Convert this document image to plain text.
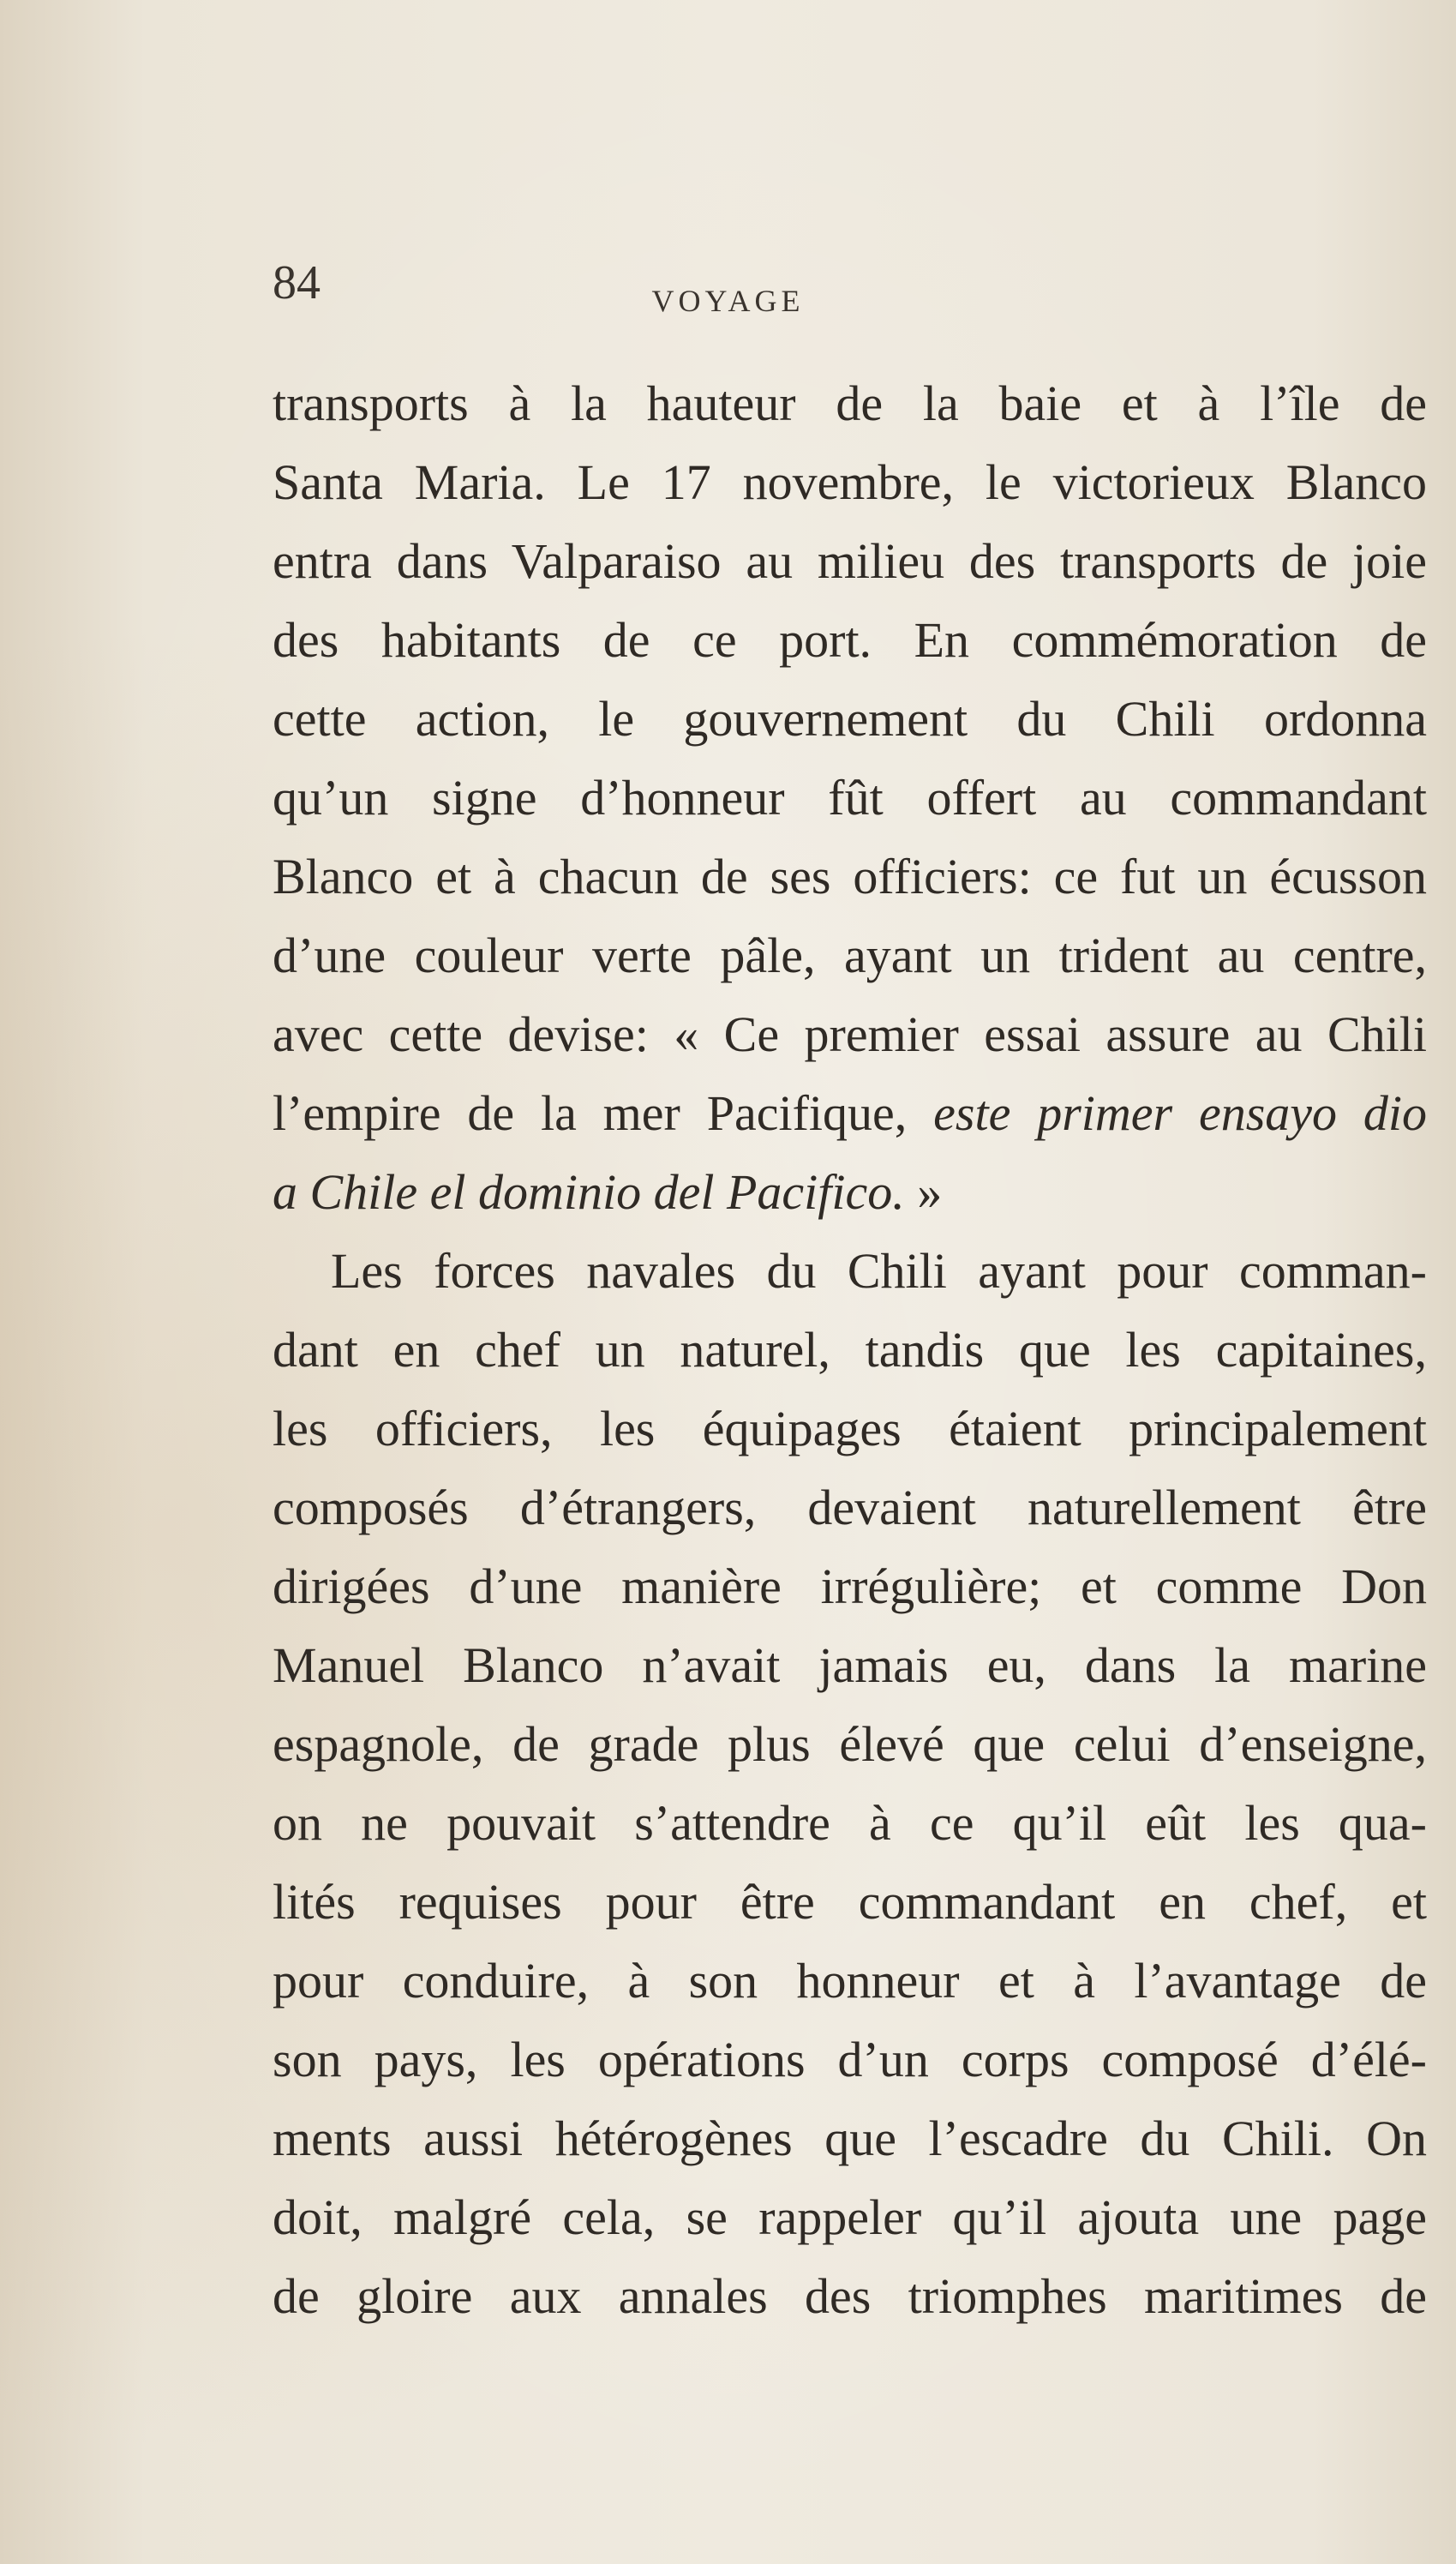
84	VOYAGE
transports à la hauteur de la baie et à l’île de
Santa Maria. Le 17 novembre, le victorieux Blanco
entra dans Valparaiso au milieu des transports de joie
des habitants de ce port. En commémoration de
cette action, le gouvernement du Chili ordonna
qu’un signe d’honneur fût offert au commandant
Blanco et à chacun de ses officiers: ce fut un écusson
d’une couleur verte pâle, ayant un trident au centre,
avec cette devise: « Ce premier essai assure au Chili
l’empire de la mer Pacifique, este primer ensayo dio
a Chile el dominio del Pacifico. »
Les forces navales du Chili ayant pour comman-
dant en chef un naturel, tandis que les capitaines,
les officiers, les équipages étaient principalement
composés d’étrangers, devaient naturellement être
dirigées d’une manière irrégulière; et comme Don
Manuel Blanco n’avait jamais eu, dans la marine
espagnole, de grade plus élevé que celui d’enseigne,
on ne pouvait s’attendre à ce qu’il eût les qua-
lités requises pour être commandant en chef, et
pour conduire, à son honneur et à l’avantage de
son pays, les opérations d’un corps composé d’élé-
ments aussi hétérogènes que l’escadre du Chili. On
doit, malgré cela, se rappeler qu’il ajouta une page
de gloire aux annales des triomphes maritimes de
